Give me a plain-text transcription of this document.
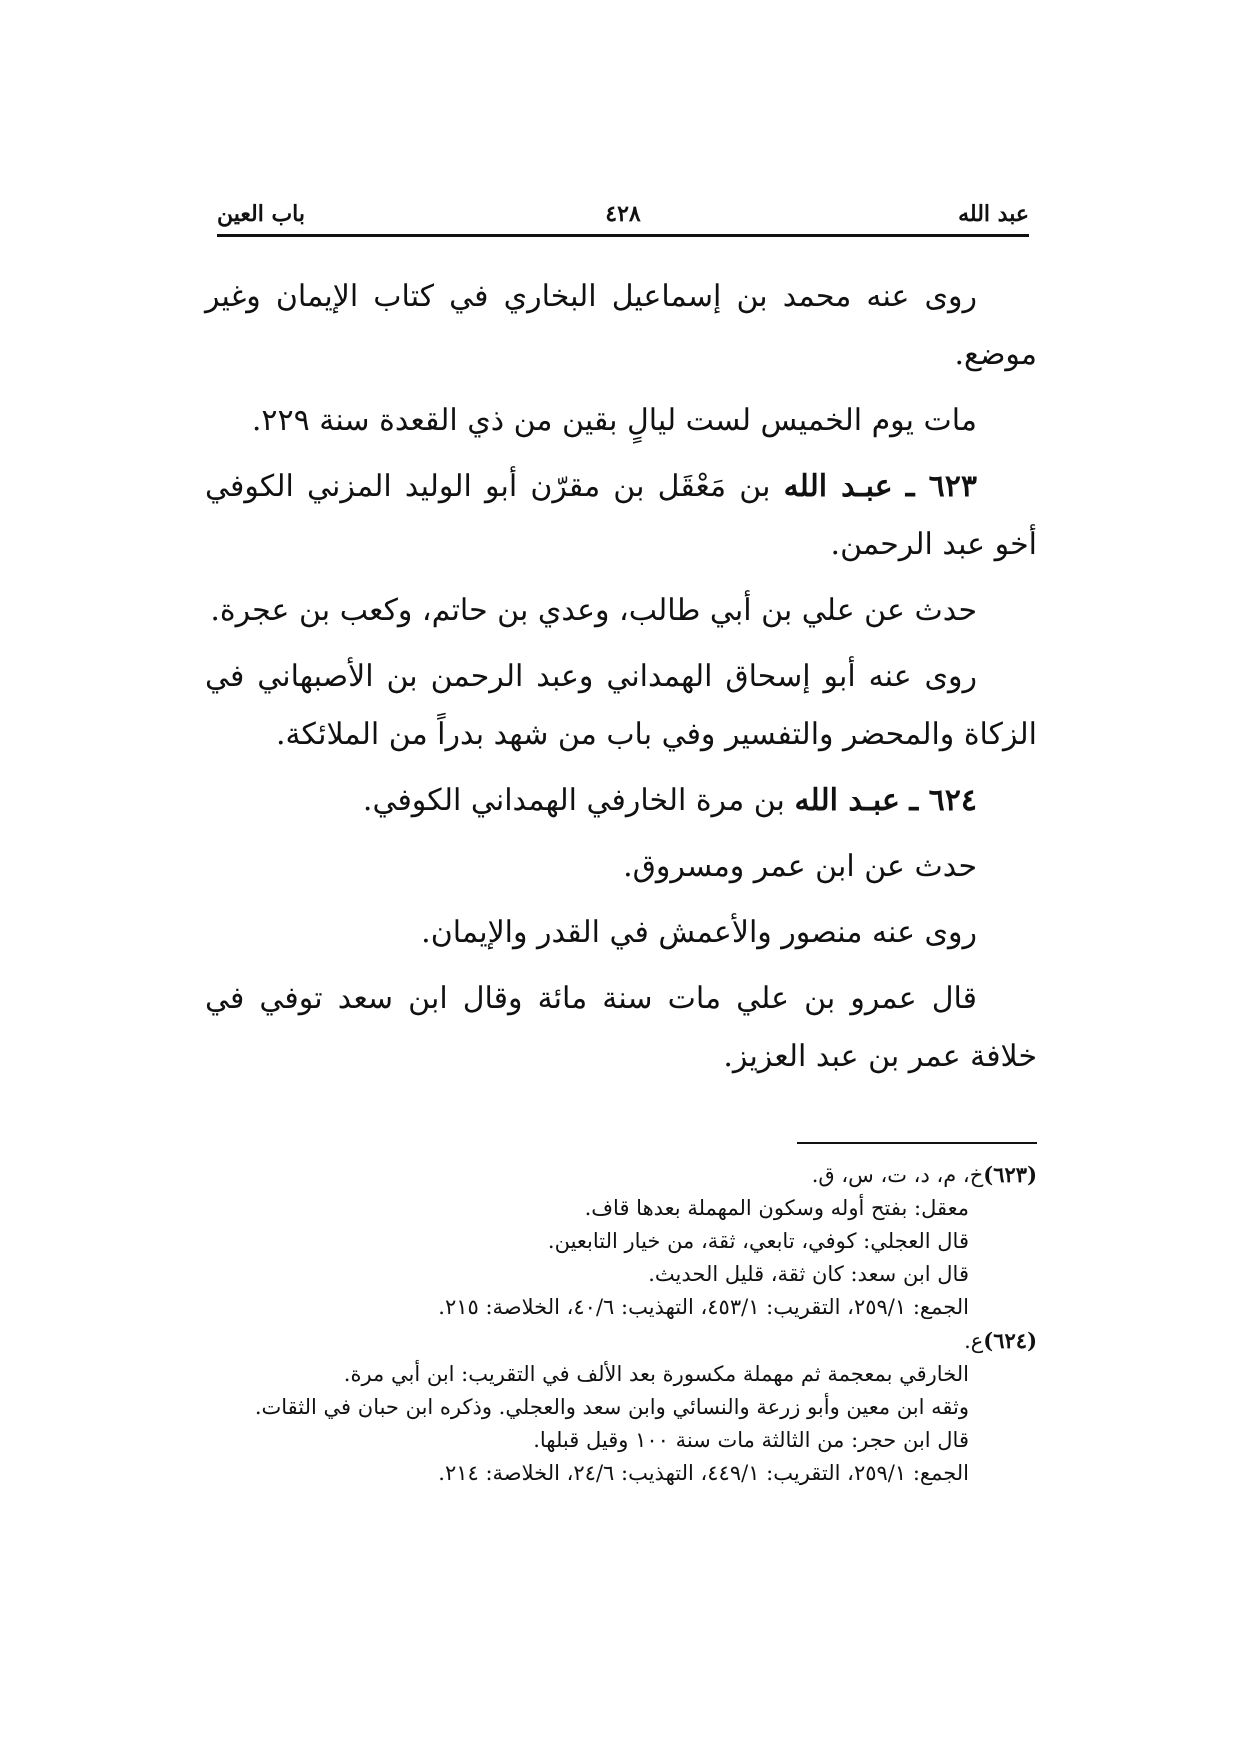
عبد الله
٤٢٨
باب العين

روى عنه محمد بن إسماعيل البخاري في كتاب الإيمان وغير موضع.

مات يوم الخميس لست ليالٍ بقين من ذي القعدة سنة ٢٢٩.

٦٢٣ ـ عبـد الله بن مَعْقَل بن مقرّن أبو الوليد المزني الكوفي أخو عبد الرحمن.

حدث عن علي بن أبي طالب، وعدي بن حاتم، وكعب بن عجرة.

روى عنه أبو إسحاق الهمداني وعبد الرحمن بن الأصبهاني في الزكاة والمحضر والتفسير وفي باب من شهد بدراً من الملائكة.

٦٢٤ ـ عبـد الله بن مرة الخارفي الهمداني الكوفي.

حدث عن ابن عمر ومسروق.

روى عنه منصور والأعمش في القدر والإيمان.

قال عمرو بن علي مات سنة مائة وقال ابن سعد توفي في خلافة عمر بن عبد العزيز.

(٦٢٣)خ، م، د، ت، س، ق.

معقل: بفتح أوله وسكون المهملة بعدها قاف.

قال العجلي: كوفي، تابعي، ثقة، من خيار التابعين.

قال ابن سعد: كان ثقة، قليل الحديث.

الجمع: ٢٥٩/١، التقريب: ٤٥٣/١، التهذيب: ٤٠/٦، الخلاصة: ٢١٥.

(٦٢٤)ع.

الخارقي بمعجمة ثم مهملة مكسورة بعد الألف في التقريب: ابن أبي مرة.

وثقه ابن معين وأبو زرعة والنسائي وابن سعد والعجلي. وذكره ابن حبان في الثقات.

قال ابن حجر: من الثالثة مات سنة ١٠٠ وقيل قبلها.

الجمع: ٢٥٩/١، التقريب: ٤٤٩/١، التهذيب: ٢٤/٦، الخلاصة: ٢١٤.
